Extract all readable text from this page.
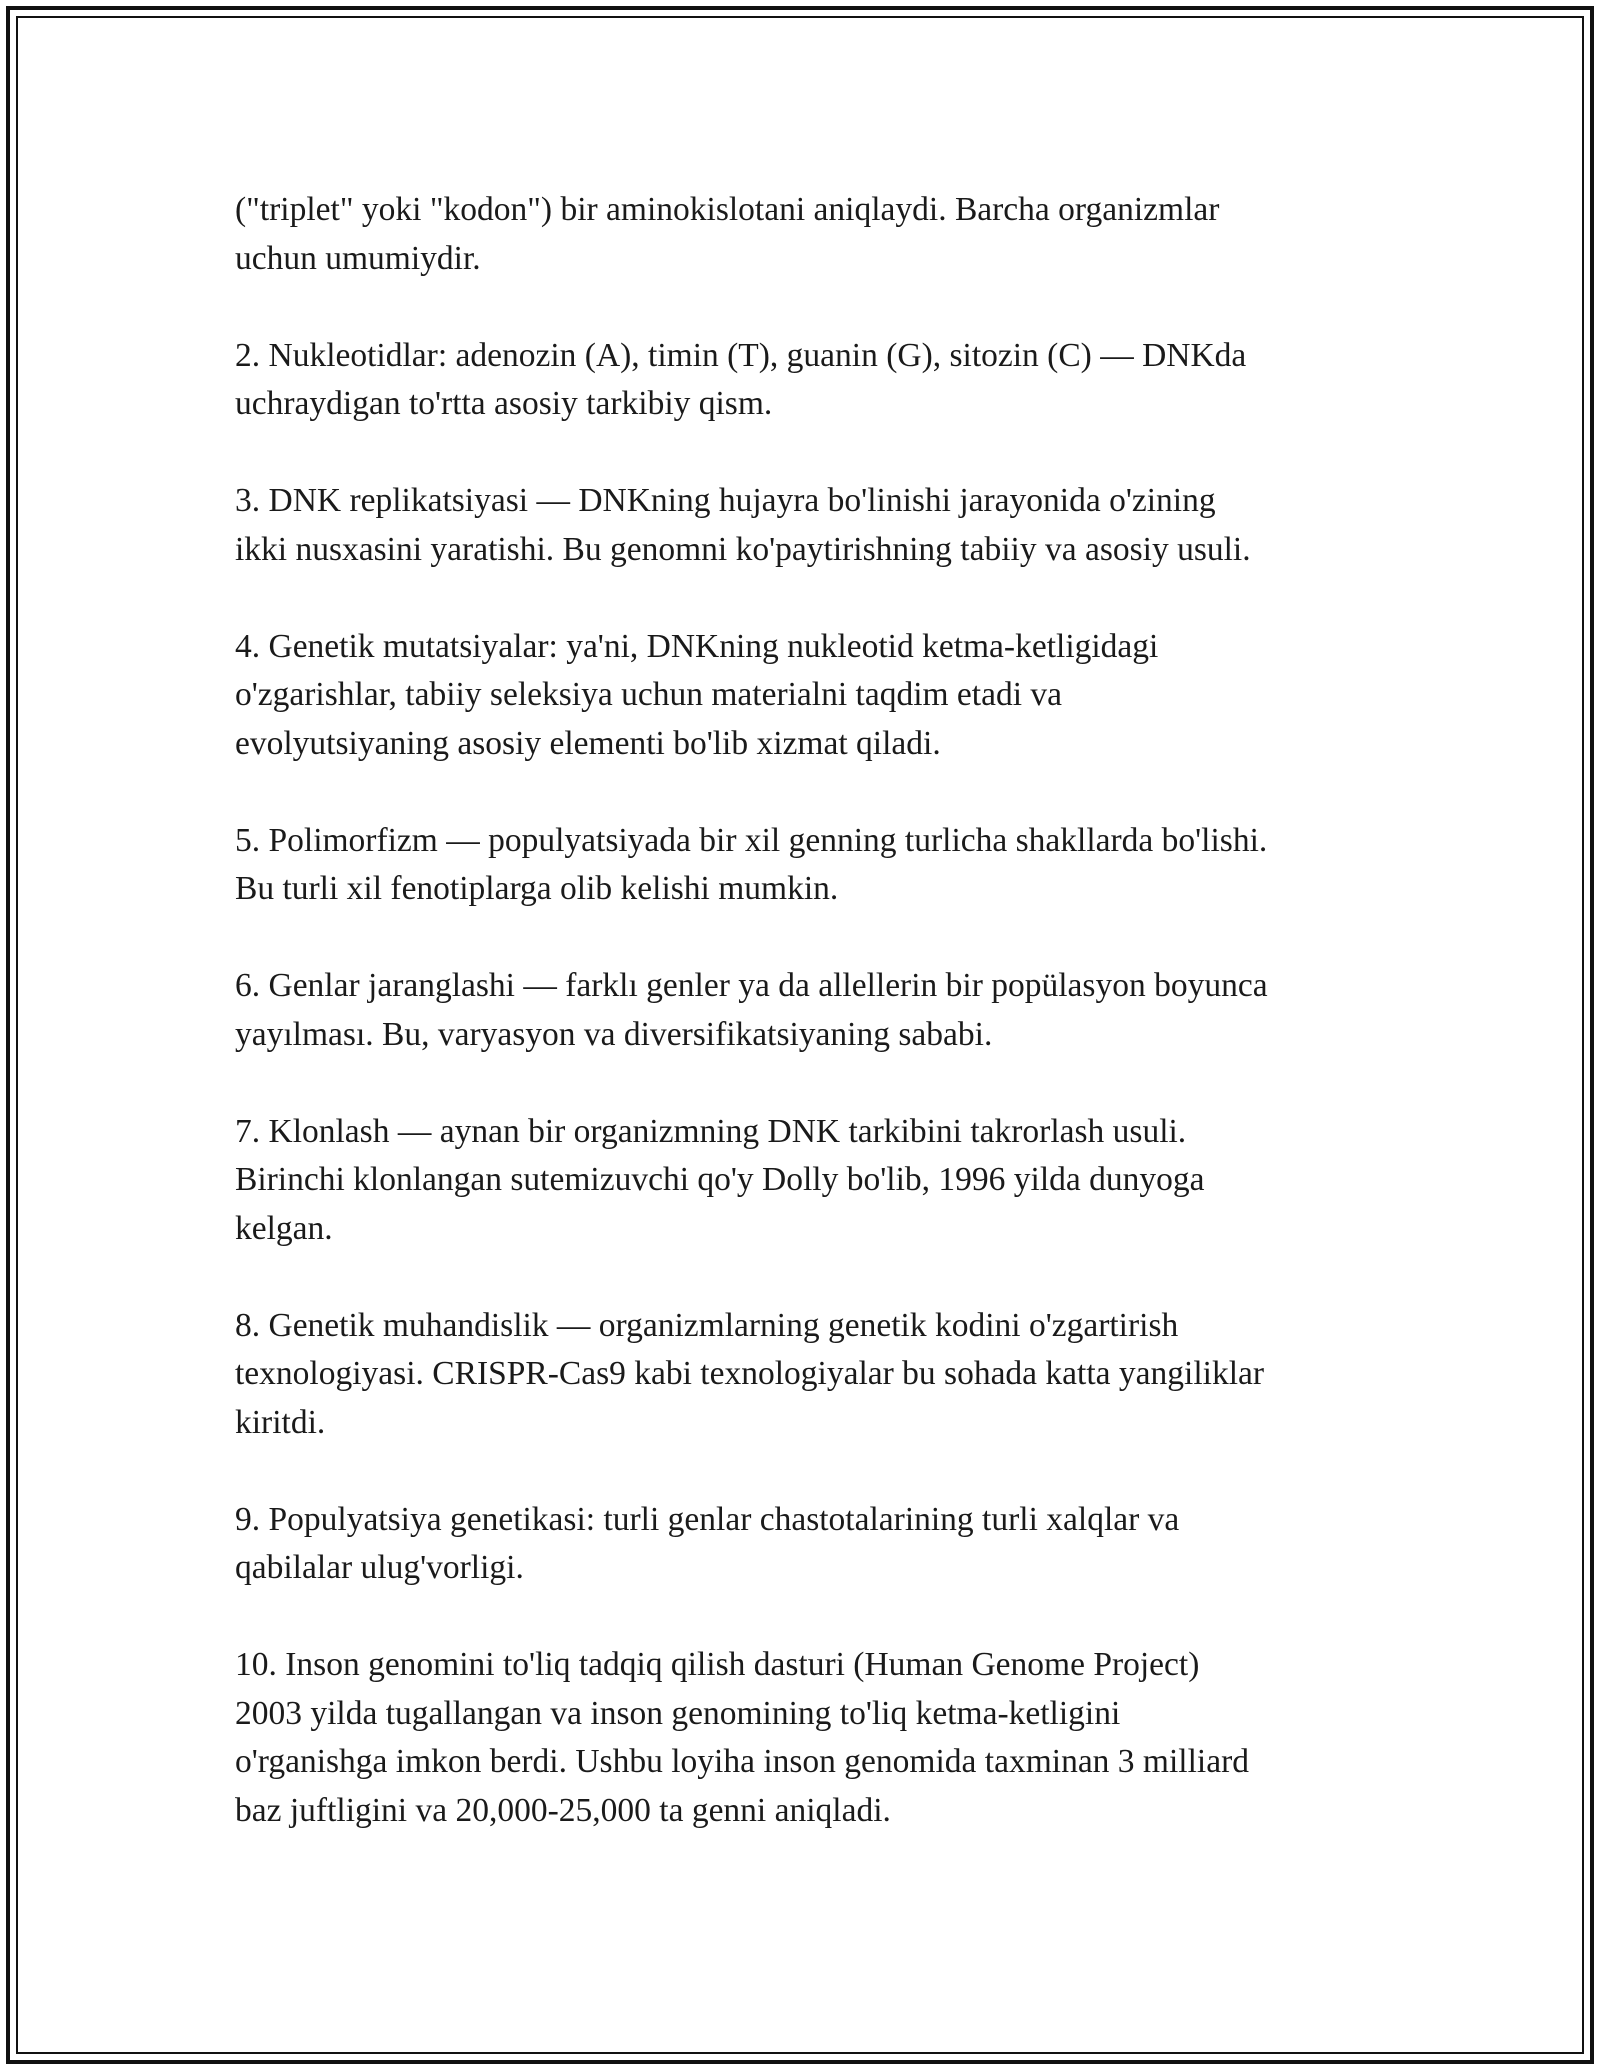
("triplet" yoki "kodon") bir aminokislotani aniqlaydi. Barcha organizmlar
uchun umumiydir.

2. Nukleotidlar: adenozin (A), timin (T), guanin (G), sitozin (C) — DNKda
uchraydigan to'rtta asosiy tarkibiy qism.

3. DNK replikatsiyasi — DNKning hujayra bo'linishi jarayonida o'zining
ikki nusxasini yaratishi. Bu genomni ko'paytirishning tabiiy va asosiy usuli.

4. Genetik mutatsiyalar: ya'ni, DNKning nukleotid ketma-ketligidagi
o'zgarishlar, tabiiy seleksiya uchun materialni taqdim etadi va
evolyutsiyaning asosiy elementi bo'lib xizmat qiladi.

5. Polimorfizm — populyatsiyada bir xil genning turlicha shakllarda bo'lishi.
Bu turli xil fenotiplarga olib kelishi mumkin.

6. Genlar jaranglashi — farklı genler ya da allellerin bir popülasyon boyunca
yayılması. Bu, varyasyon va diversifikatsiyaning sababi.

7. Klonlash — aynan bir organizmning DNK tarkibini takrorlash usuli.
Birinchi klonlangan sutemizuvchi qo'y Dolly bo'lib, 1996 yilda dunyoga
kelgan.

8. Genetik muhandislik — organizmlarning genetik kodini o'zgartirish
texnologiyasi. CRISPR-Cas9 kabi texnologiyalar bu sohada katta yangiliklar
kiritdi.

9. Populyatsiya genetikasi: turli genlar chastotalarining turli xalqlar va
qabilalar ulug'vorligi.

10. Inson genomini to'liq tadqiq qilish dasturi (Human Genome Project)
2003 yilda tugallangan va inson genomining to'liq ketma-ketligini
o'rganishga imkon berdi. Ushbu loyiha inson genomida taxminan 3 milliard
baz juftligini va 20,000-25,000 ta genni aniqladi.
